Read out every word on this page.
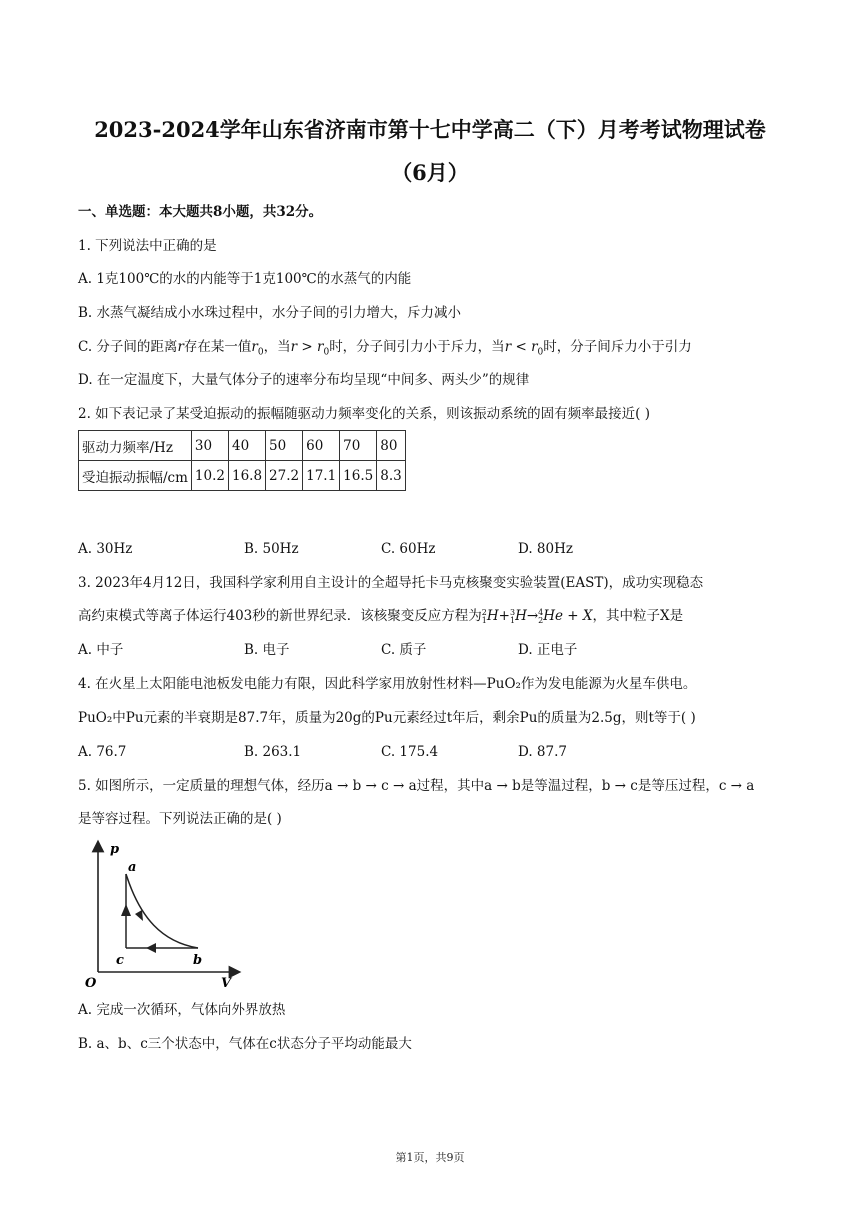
2023-2024学年山东省济南市第十七中学高二（下）月考考试物理试卷
（6月）
一、单选题：本大题共8小题，共32分。
1. 下列说法中正确的是
A. 1克100℃的水的内能等于1克100℃的水蒸气的内能
B. 水蒸气凝结成小水珠过程中，水分子间的引力增大，斥力减小
C. 分子间的距离r存在某一值$r_0$，当$r > r_0$时，分子间引力小于斥力，当$r < r_0$时，分子间斥力小于引力
D. 在一定温度下，大量气体分子的速率分布均呈现“中间多、两头少”的规律
2. 如下表记录了某受迫振动的振幅随驱动力频率变化的关系，则该振动系统的固有频率最接近( )
驱动力频率/Hz	30	40	50	60	70	80
受迫振动振幅/cm	10.2	16.8	27.2	17.1	16.5	8.3
A. 30Hz	B. 50Hz	C. 60Hz	D. 80Hz
3. 2023年4月12日，我国科学家利用自主设计的全超导托卡马克核聚变实验装置(EAST)，成功实现稳态
高约束模式等离子体运行403秒的新世界纪录．该核聚变反应方程为2
1H+3
1H→4
2He + X，其中粒子X是
A. 中子	B. 电子	C. 质子	D. 正电子
4. 在火星上太阳能电池板发电能力有限，因此科学家用放射性材料—PuO₂作为发电能源为火星车供电。
PuO₂中Pu元素的半衰期是87.7年，质量为20g的Pu元素经过t年后，剩余Pu的质量为2.5g，则t等于( )
A. 76.7	B. 263.1	C. 175.4	D. 87.7
5. 如图所示，一定质量的理想气体，经历a → b → c → a过程，其中a → b是等温过程，b → c是等压过程，c → a
是等容过程。下列说法正确的是( )
p
V
O
a
b
c
A. 完成一次循环，气体向外界放热
B. a、b、c三个状态中，气体在c状态分子平均动能最大
第1页，共9页
